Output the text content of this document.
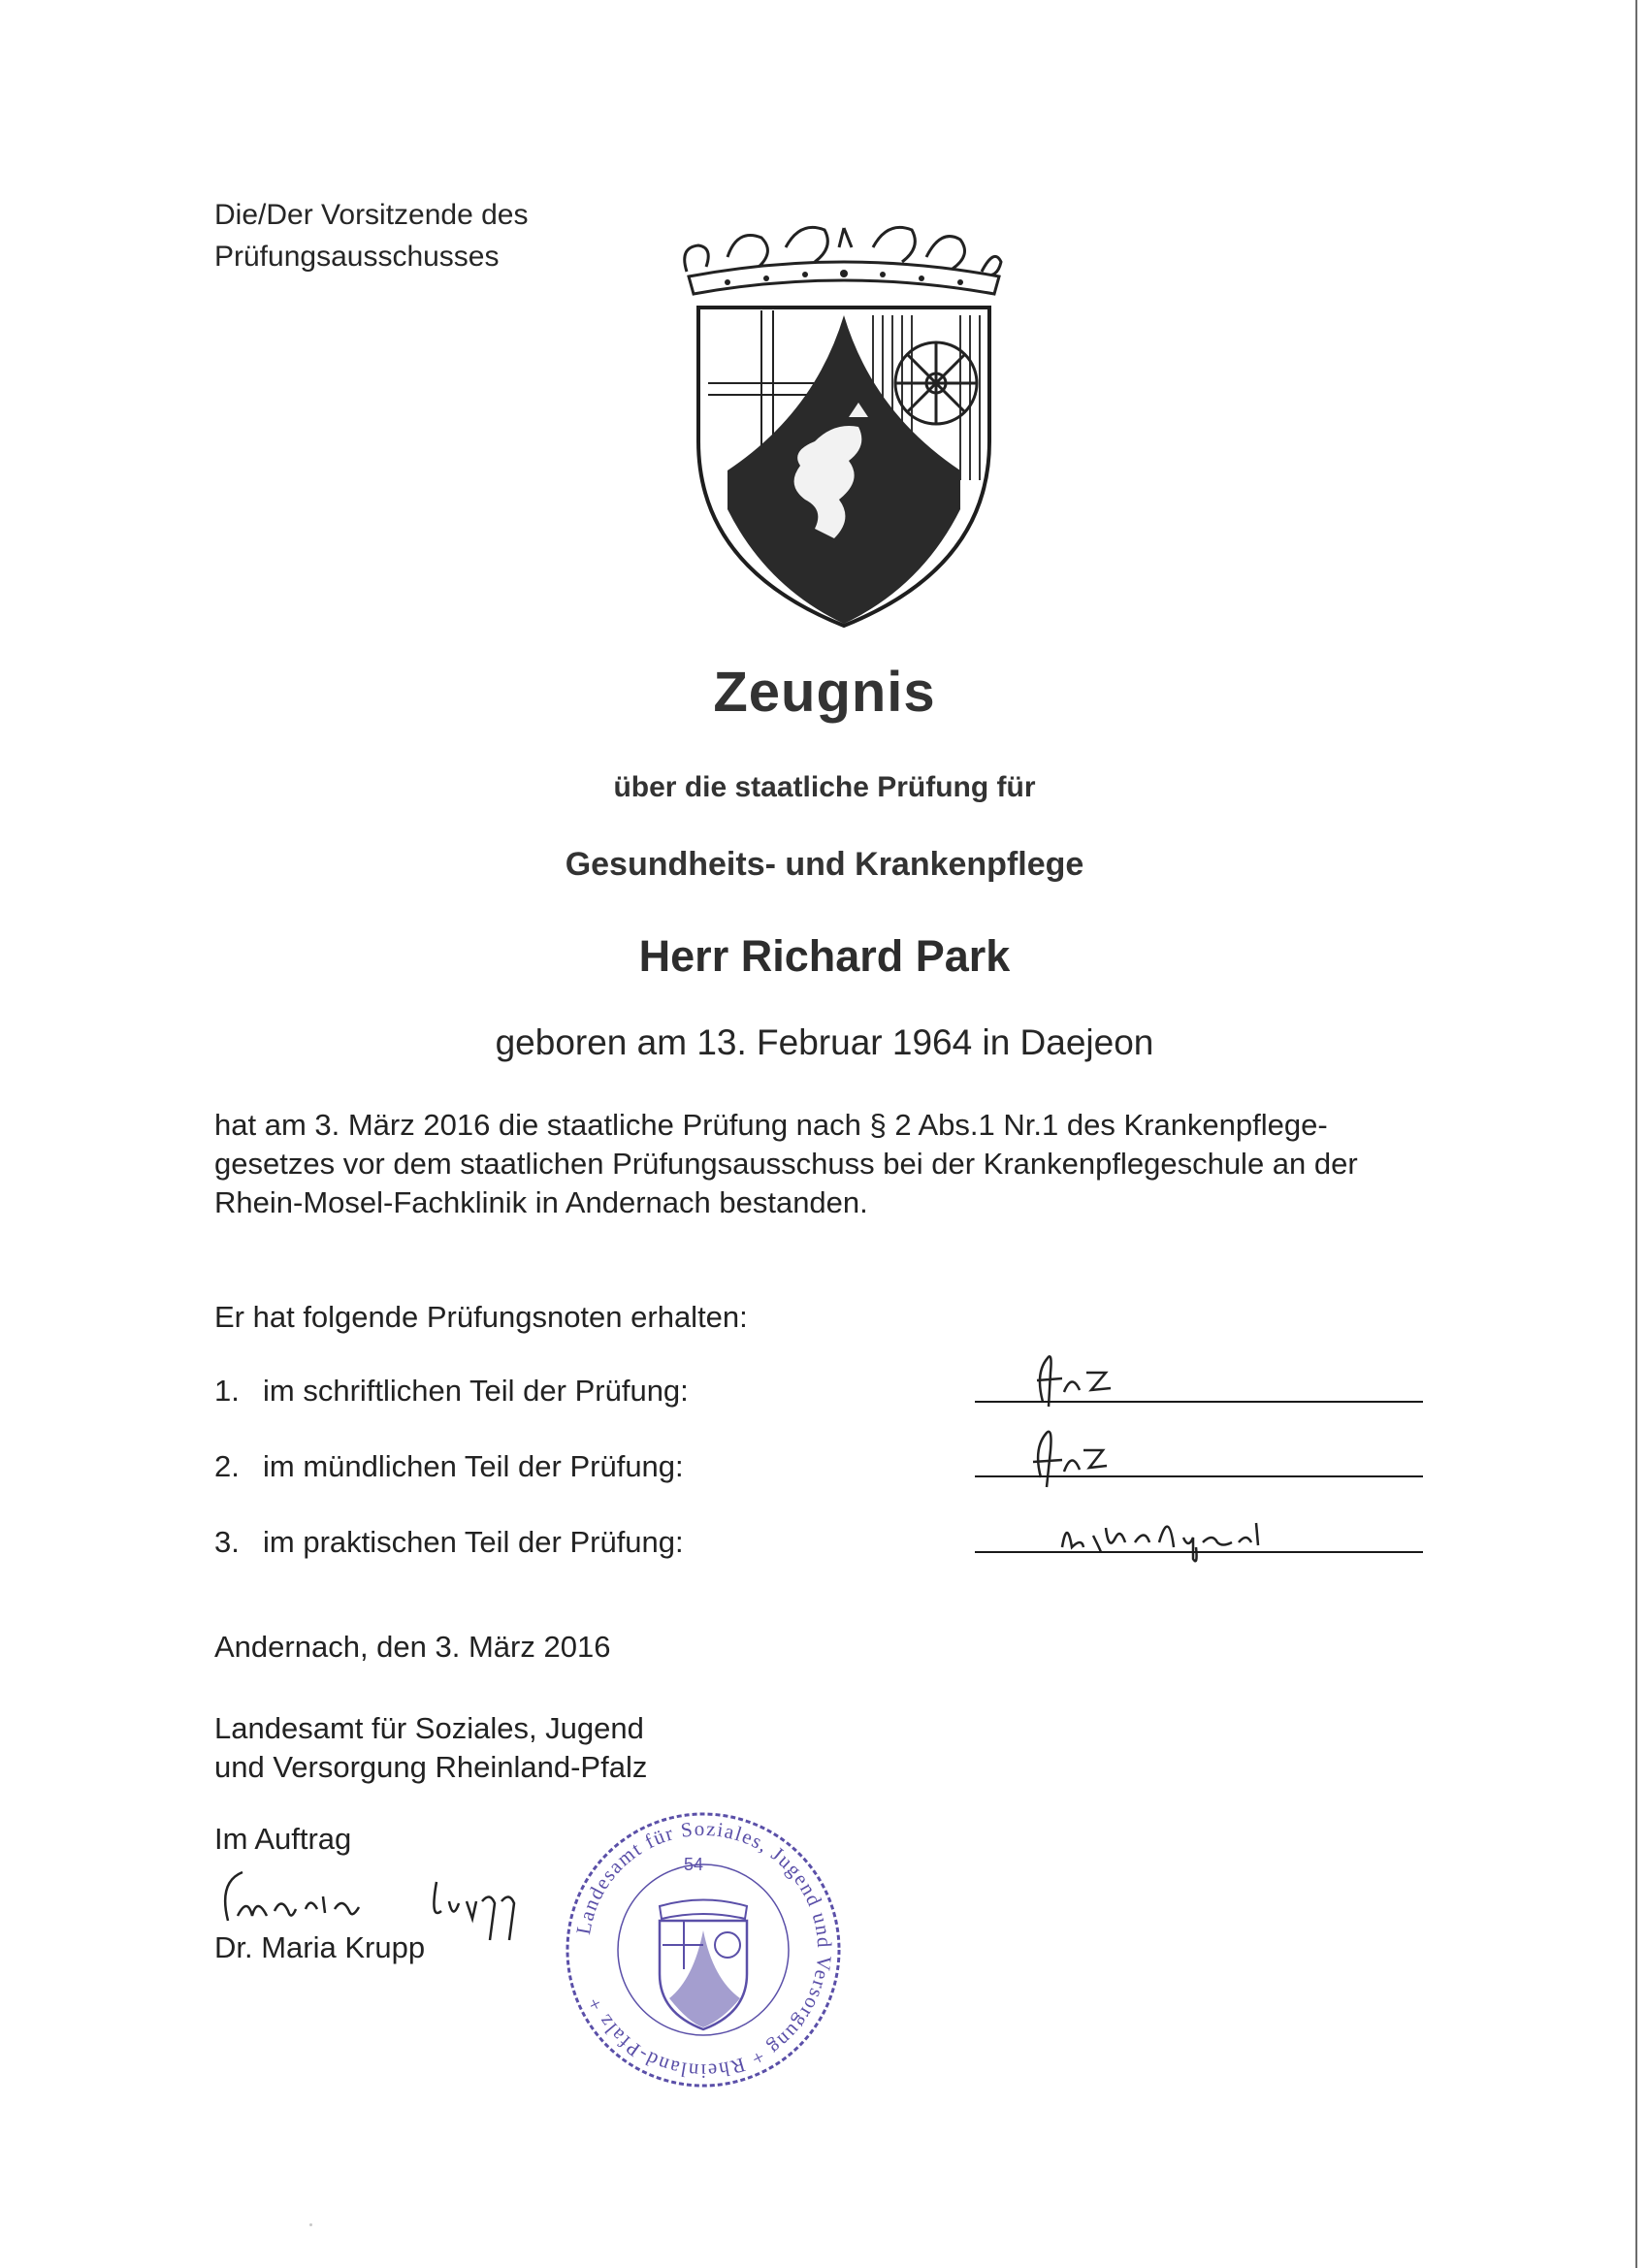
Die/Der Vorsitzende des
Prüfungsausschusses
Zeugnis
über die staatliche Prüfung für
Gesundheits- und Krankenpflege
Herr Richard Park
geboren am 13. Februar 1964 in Daejeon
hat am 3. März 2016 die staatliche Prüfung nach § 2 Abs.1 Nr.1 des Krankenpflege-
gesetzes vor dem staatlichen Prüfungsausschuss bei der Krankenpflegeschule an der
Rhein-Mosel-Fachklinik in Andernach bestanden.
Er hat folgende Prüfungsnoten erhalten:
1. im schriftlichen Teil der Prüfung:
2. im mündlichen Teil der Prüfung:
3. im praktischen Teil der Prüfung:
Andernach, den 3. März 2016
Landesamt für Soziales, Jugend
und Versorgung Rheinland-Pfalz
Im Auftrag
Dr. Maria Krupp
Landesamt für Soziales, Jugend und Versorgung + Rheinland-Pfalz +
54
